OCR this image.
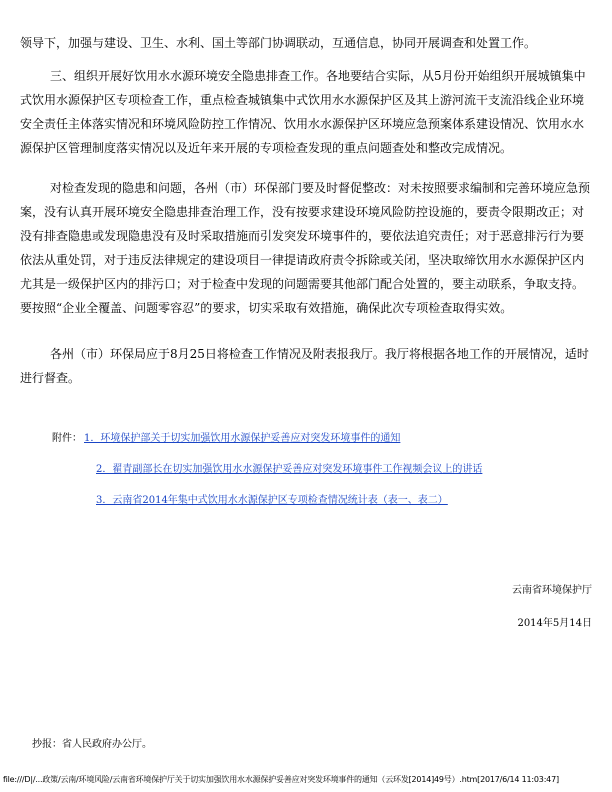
领导下，加强与建设、卫生、水利、国土等部门协调联动，互通信息，协同开展调查和处置工作。

三、组织开展好饮用水水源环境安全隐患排查工作。各地要结合实际，从5月份开始组织开展城镇集中式饮用水源保护区专项检查工作，重点检查城镇集中式饮用水水源保护区及其上游河流干支流沿线企业环境安全责任主体落实情况和环境风险防控工作情况、饮用水水源保护区环境应急预案体系建设情况、饮用水水源保护区管理制度落实情况以及近年来开展的专项检查发现的重点问题查处和整改完成情况。

对检查发现的隐患和问题，各州（市）环保部门要及时督促整改：对未按照要求编制和完善环境应急预案，没有认真开展环境安全隐患排查治理工作，没有按要求建设环境风险防控设施的，要责令限期改正；对没有排查隐患或发现隐患没有及时采取措施而引发突发环境事件的，要依法追究责任；对于恶意排污行为要依法从重处罚，对于违反法律规定的建设项目一律提请政府责令拆除或关闭，坚决取缔饮用水水源保护区内尤其是一级保护区内的排污口；对于检查中发现的问题需要其他部门配合处置的，要主动联系，争取支持。要按照“企业全覆盖、问题零容忍”的要求，切实采取有效措施，确保此次专项检查取得实效。

各州（市）环保局应于8月25日将检查工作情况及附表报我厅。我厅将根据各地工作的开展情况，适时进行督查。

附件： 1．环境保护部关于切实加强饮用水源保护妥善应对突发环境事件的通知
2．翟青副部长在切实加强饮用水水源保护妥善应对突发环境事件工作视频会议上的讲话
3．云南省2014年集中式饮用水水源保护区专项检查情况统计表（表一、表二）
云南省环境保护厅
2014年5月14日
抄报：省人民政府办公厅。
file:///D|/...政策/云南/环境风险/云南省环境保护厅关于切实加强饮用水水源保护妥善应对突发环境事件的通知（云环发[2014]49号）.htm[2017/6/14 11:03:47]
